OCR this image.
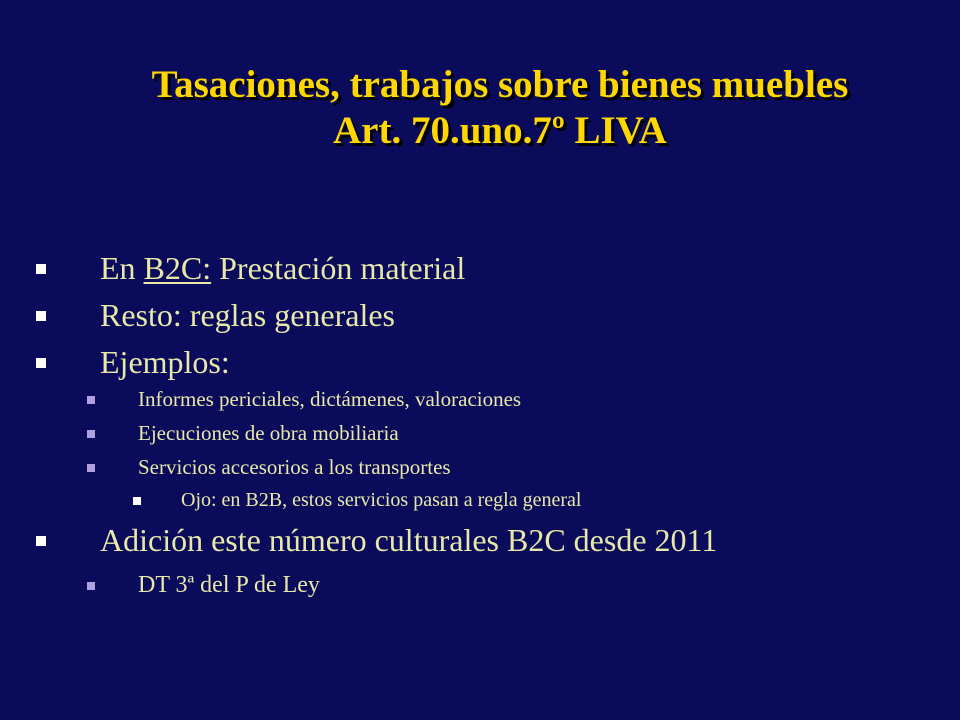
Tasaciones, trabajos sobre bienes muebles
Art. 70.uno.7º LIVA
En B2C: Prestación material
Resto: reglas generales
Ejemplos:
Informes periciales, dictámenes, valoraciones
Ejecuciones de obra mobiliaria
Servicios accesorios a los transportes
Ojo: en B2B, estos servicios pasan a regla general
Adición este número culturales B2C desde 2011
DT 3ª del P de Ley
